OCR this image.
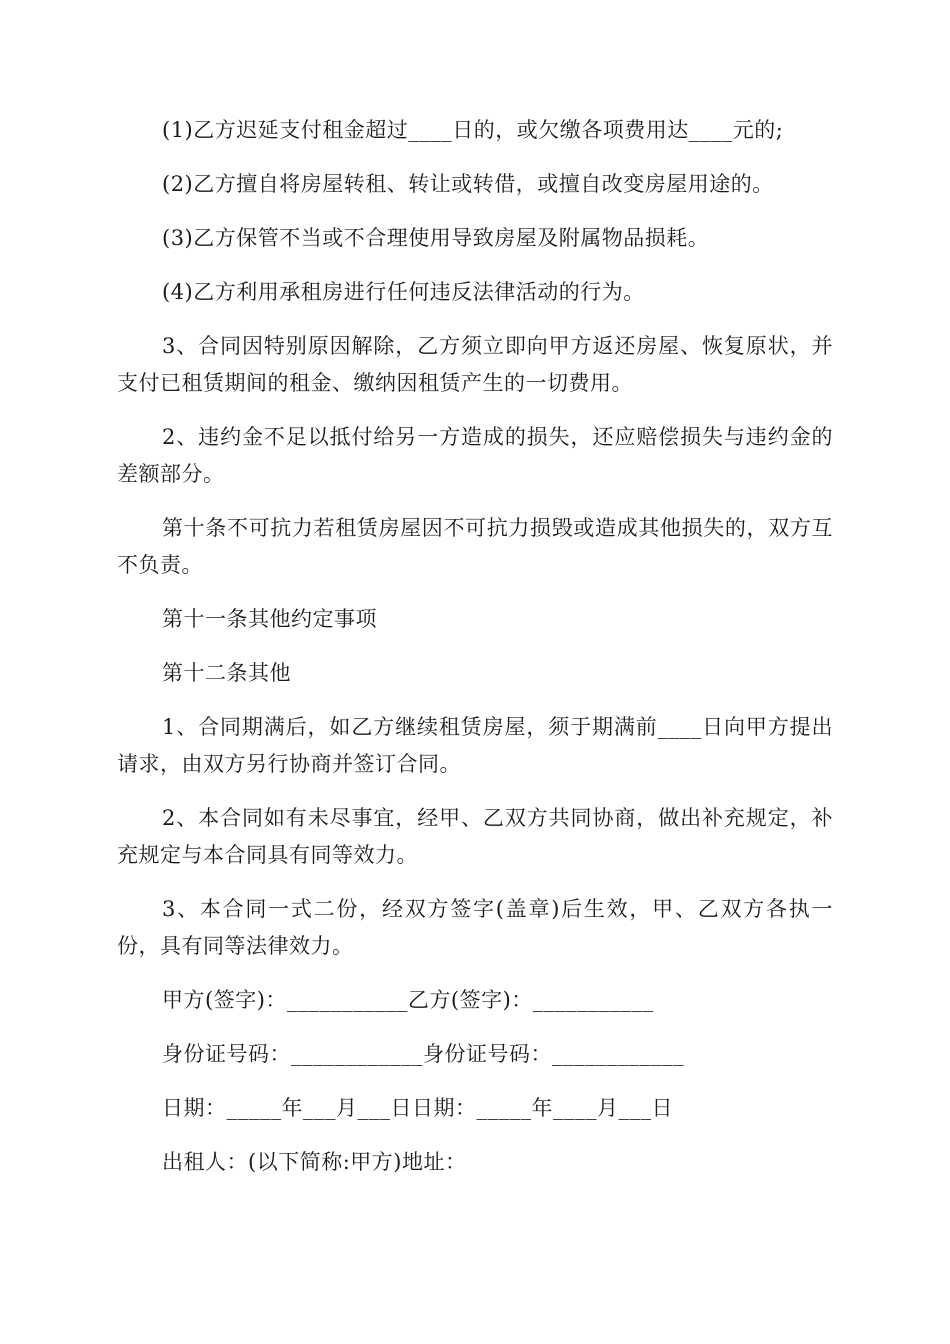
(1)乙方迟延支付租金超过____日的，或欠缴各项费用达____元的;

(2)乙方擅自将房屋转租、转让或转借，或擅自改变房屋用途的。

(3)乙方保管不当或不合理使用导致房屋及附属物品损耗。

(4)乙方利用承租房进行任何违反法律活动的行为。

3、合同因特别原因解除，乙方须立即向甲方返还房屋、恢复原状，并支付已租赁期间的租金、缴纳因租赁产生的一切费用。

2、违约金不足以抵付给另一方造成的损失，还应赔偿损失与违约金的差额部分。

第十条不可抗力若租赁房屋因不可抗力损毁或造成其他损失的，双方互不负责。

第十一条其他约定事项

第十二条其他

1、合同期满后，如乙方继续租赁房屋，须于期满前____日向甲方提出请求，由双方另行协商并签订合同。

2、本合同如有未尽事宜，经甲、乙双方共同协商，做出补充规定，补充规定与本合同具有同等效力。

3、本合同一式二份，经双方签字(盖章)后生效，甲、乙双方各执一份，具有同等法律效力。

甲方(签字)：___________乙方(签字)：___________

身份证号码：____________身份证号码：____________

日期：_____年___月___日日期：_____年____月___日

出租人：(以下简称:甲方)地址：
